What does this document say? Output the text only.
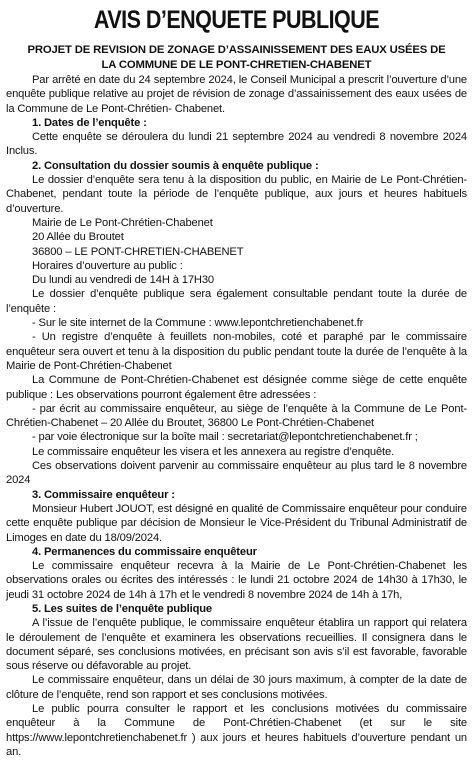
AVIS D’ENQUETE PUBLIQUE
PROJET DE REVISION DE ZONAGE D’ASSAINISSEMENT DES EAUX USÉES DE
LA COMMUNE DE LE PONT-CHRETIEN-CHABENET

Par arrêté en date du 24 septembre 2024, le Conseil Municipal a prescrit l’ouverture d’une enquête publique relative au projet de révision de zonage d’assainissement des eaux usées de la Commune de Le Pont-Chrétien- Chabenet.

1. Dates de l’enquête :

Cette enquête se déroulera du lundi 21 septembre 2024 au vendredi 8 novembre 2024 Inclus.

2. Consultation du dossier soumis à enquête publique :

Le dossier d’enquête sera tenu à la disposition du public, en Mairie de Le Pont-Chrétien-Chabenet, pendant toute la période de l’enquête publique, aux jours et heures habituels d’ouverture.

Mairie de Le Pont-Chrétien-Chabenet
20 Allée du Broutet
36800 – LE PONT-CHRETIEN-CHABENET
Horaires d’ouverture au public :
Du lundi au vendredi de 14H à 17H30

Le dossier d’enquête publique sera également consultable pendant toute la durée de l’enquête :

- Sur le site internet de la Commune : www.lepontchretienchabenet.fr

- Un registre d’enquête à feuillets non-mobiles, coté et paraphé par le commissaire enquêteur sera ouvert et tenu à la disposition du public pendant toute la durée de l’enquête à la Mairie de Pont-Chrétien-Chabenet

La Commune de Pont-Chrétien-Chabenet est désignée comme siège de cette enquête publique : Les observations pourront également être adressées :

- par écrit au commissaire enquêteur, au siège de l’enquête à la Commune de Le Pont-Chrétien-Chabenet – 20 Allée du Broutet, 36800 Le Pont-Chrétien-Chabenet

- par voie électronique sur la boîte mail : secretariat@lepontchretienchabenet.fr ;

Le commissaire enquêteur les visera et les annexera au registre d’enquête.

Ces observations doivent parvenir au commissaire enquêteur au plus tard le 8 novembre 2024

3. Commissaire enquêteur :

Monsieur Hubert JOUOT, est désigné en qualité de Commissaire enquêteur pour conduire cette enquête publique par décision de Monsieur le Vice-Président du Tribunal Administratif de Limoges en date du 18/09/2024.

4. Permanences du commissaire enquêteur

Le commissaire enquêteur recevra à la Mairie de Le Pont-Chrétien-Chabenet les observations orales ou écrites des intéressés : le lundi 21 octobre 2024 de 14h30 à 17h30, le jeudi 31 octobre 2024 de 14h à 17h et le vendredi 8 novembre 2024 de 14h à 17h,

5. Les suites de l’enquête publique

A l’issue de l’enquête publique, le commissaire enquêteur établira un rapport qui relatera le déroulement de l’enquête et examinera les observations recueillies. Il consignera dans le document séparé, ses conclusions motivées, en précisant son avis s’il est favorable, favorable sous réserve ou défavorable au projet.

Le commissaire enquêteur, dans un délai de 30 jours maximum, à compter de la date de clôture de l’enquête, rend son rapport et ses conclusions motivées.

Le public pourra consulter le rapport et les conclusions motivées du commissaire enquêteur à la Commune de Pont-Chrétien-Chabenet (et sur le site https://www.lepontchretienchabenet.fr ) aux jours et heures habituels d’ouverture pendant un an.
